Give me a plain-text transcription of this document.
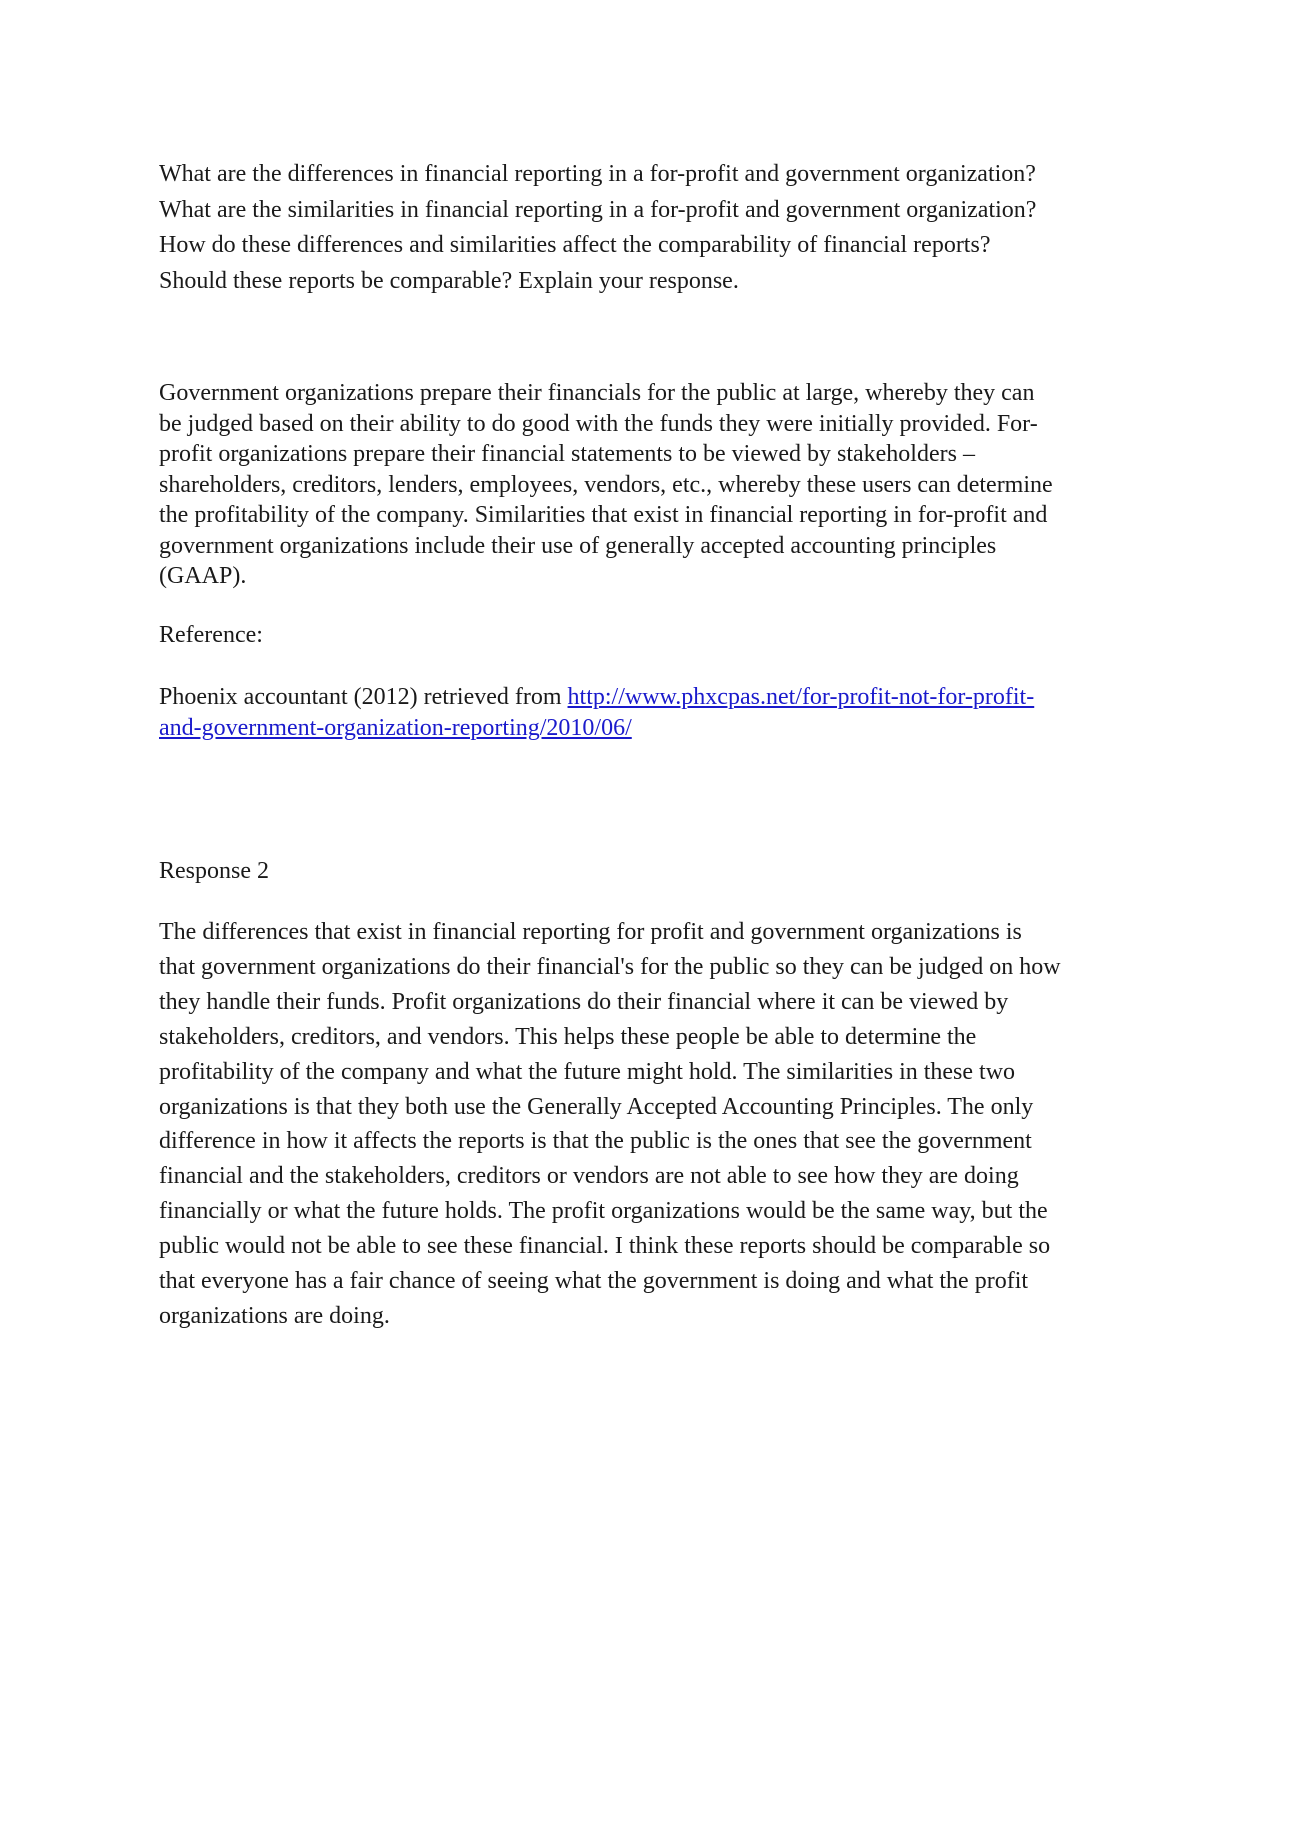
What are the differences in financial reporting in a for-profit and government organization?

What are the similarities in financial reporting in a for-profit and government organization?

How do these differences and similarities affect the comparability of financial reports?

Should these reports be comparable? Explain your response.

Government organizations prepare their financials for the public at large, whereby they can

be judged based on their ability to do good with the funds they were initially provided. For-

profit organizations prepare their financial statements to be viewed by stakeholders –

shareholders, creditors, lenders, employees, vendors, etc., whereby these users can determine

the profitability of the company. Similarities that exist in financial reporting in for-profit and

government organizations include their use of generally accepted accounting principles

(GAAP).

Reference:

Phoenix accountant (2012) retrieved from http://www.phxcpas.net/for-profit-not-for-profit-

and-government-organization-reporting/2010/06/

Response 2

The differences that exist in financial reporting for profit and government organizations is

that government organizations do their financial's for the public so they can be judged on how

they handle their funds. Profit organizations do their financial where it can be viewed by

stakeholders, creditors, and vendors. This helps these people be able to determine the

profitability of the company and what the future might hold. The similarities in these two

organizations is that they both use the Generally Accepted Accounting Principles. The only

difference in how it affects the reports is that the public is the ones that see the government

financial and the stakeholders, creditors or vendors are not able to see how they are doing

financially or what the future holds. The profit organizations would be the same way, but the

public would not be able to see these financial. I think these reports should be comparable so

that everyone has a fair chance of seeing what the government is doing and what the profit

organizations are doing.
